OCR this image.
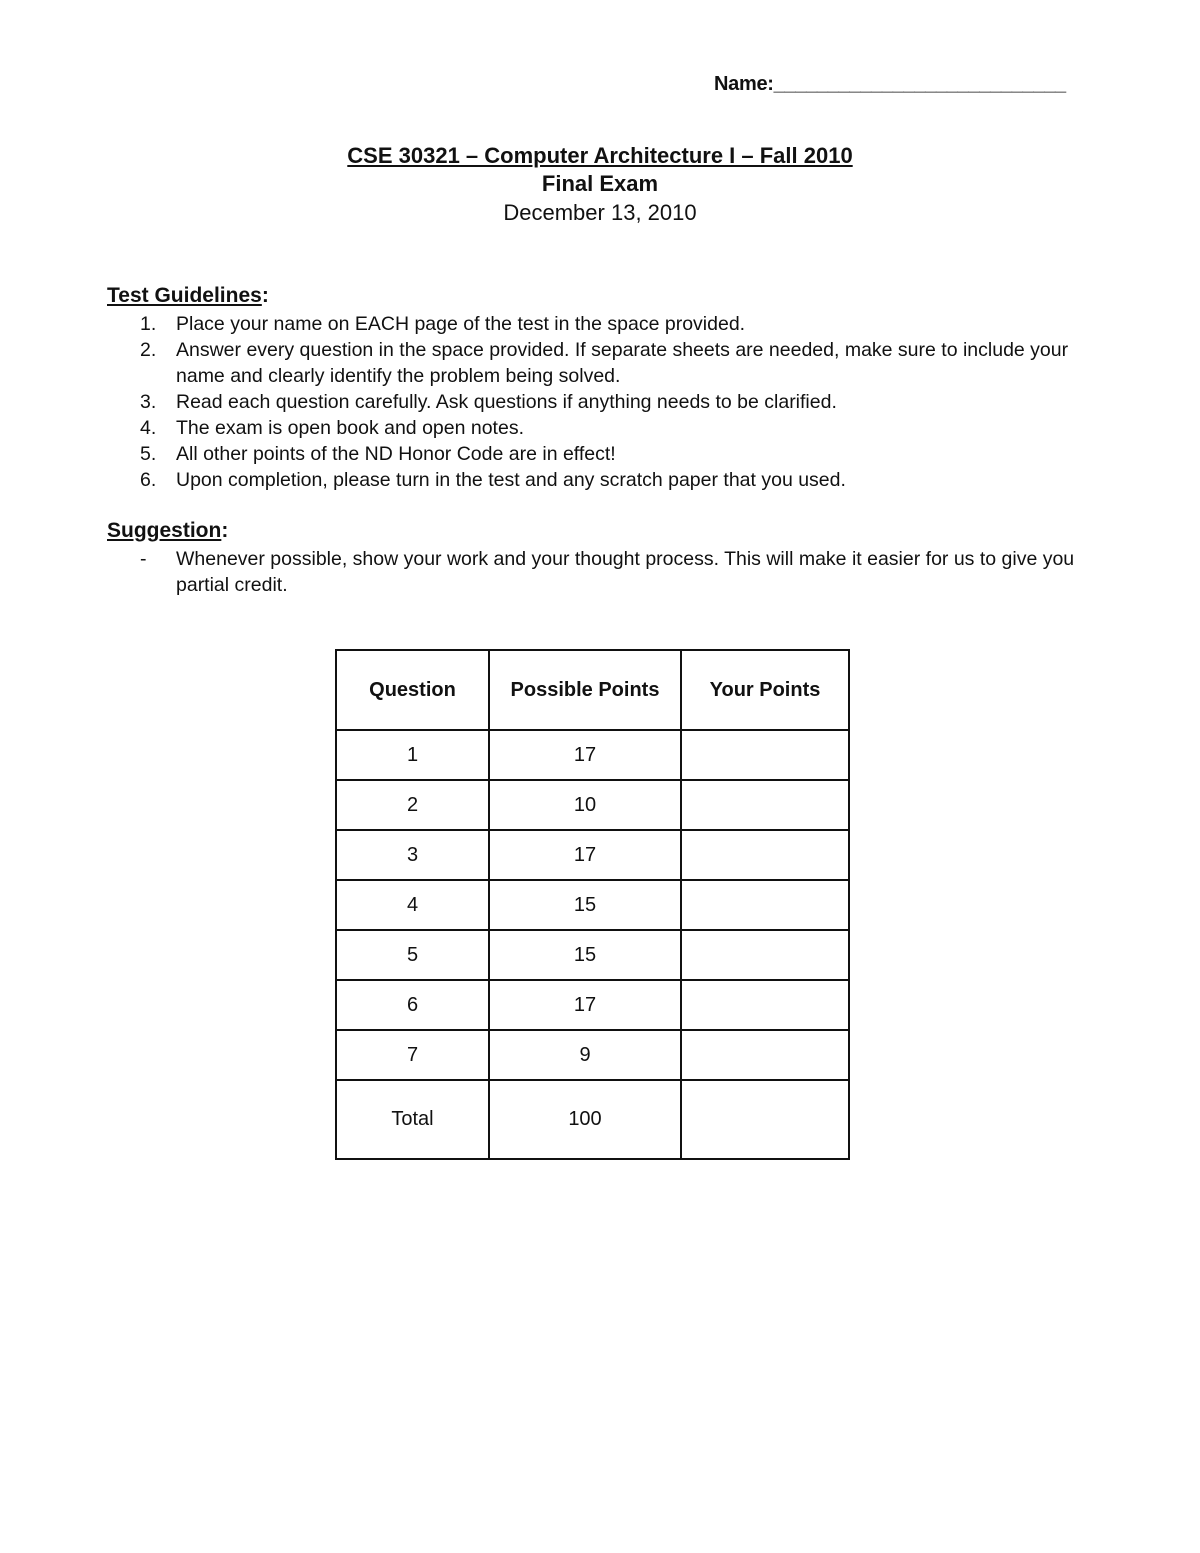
Name:___________________________
CSE 30321 – Computer Architecture I – Fall 2010
Final Exam
December 13, 2010
Test Guidelines:
1. Place your name on EACH page of the test in the space provided.
2. Answer every question in the space provided. If separate sheets are needed, make sure to include your name and clearly identify the problem being solved.
3. Read each question carefully. Ask questions if anything needs to be clarified.
4. The exam is open book and open notes.
5. All other points of the ND Honor Code are in effect!
6. Upon completion, please turn in the test and any scratch paper that you used.
Suggestion:
- Whenever possible, show your work and your thought process. This will make it easier for us to give you partial credit.
Question	Possible Points	Your Points
1	17	
2	10	
3	17	
4	15	
5	15	
6	17	
7	9	
Total	100	
